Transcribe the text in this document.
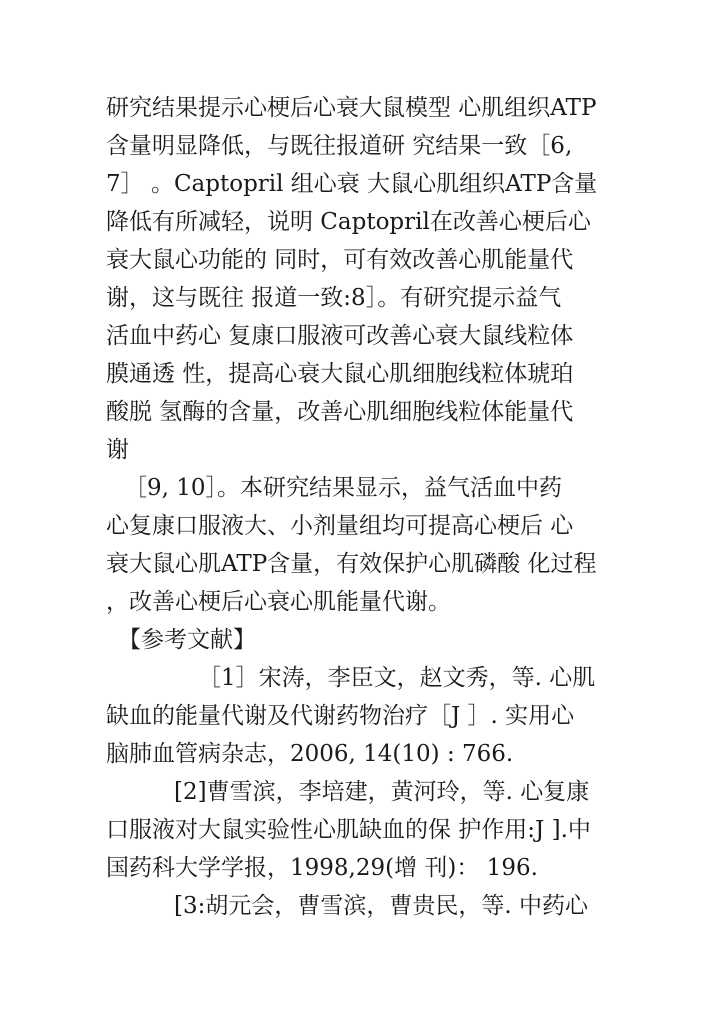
研究结果提示心梗后心衰大鼠模型 心肌组织ATP

含量明显降低，与既往报道研 究结果一致［6,

7］ 。Captopril 组心衰 大鼠心肌组织ATP含量

降低有所减轻，说明 Captopril在改善心梗后心

衰大鼠心功能的 同时，可有效改善心肌能量代

谢，这与既往 报道一致:8］。有研究提示益气

活血中药心 复康口服液可改善心衰大鼠线粒体

膜通透 性，提高心衰大鼠心肌细胞线粒体琥珀

酸脱 氢酶的含量，改善心肌细胞线粒体能量代

谢

［9, 10］。本研究结果显示，益气活血中药

心复康口服液大、小剂量组均可提高心梗后 心

衰大鼠心肌ATP含量，有效保护心肌磷酸 化过程

，改善心梗后心衰心肌能量代谢。

【参考文献】

［1］宋涛，李臣文，赵文秀，等. 心肌

缺血的能量代谢及代谢药物治疗［J ］. 实用心

脑肺血管病杂志，2006, 14(10) : 766.

[2]曹雪滨，李培建，黄河玲，等. 心复康

口服液对大鼠实验性心肌缺血的保 护作用:J ].中

国药科大学学报，1998,29(增 刊)： 196.

[3:胡元会，曹雪滨，曹贵民，等. 中药心
